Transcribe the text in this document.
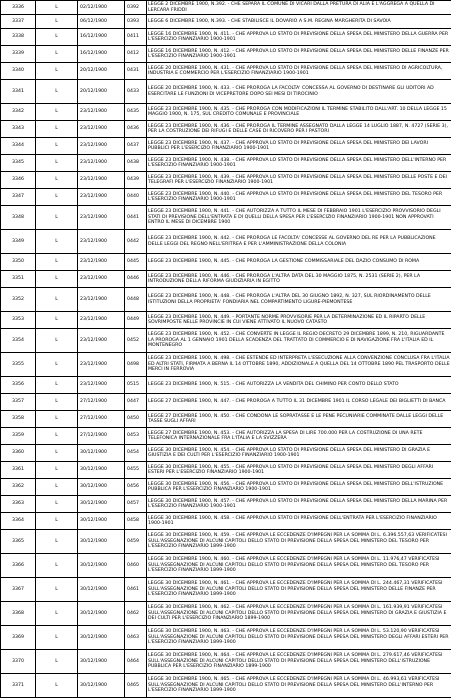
3336	L	02/12/1900	0392	LEGGE 2 DICEMBRE 1900, N.392. - CHE SEPARA IL COMUNE DI VICARI DALLA PRETURA DI ALIA E L'AGGREGA A QUELLA DI LERCARA FRIDDI
3337	L	06/12/1900	0393	LEGGE 6 DICEMBRE 1900, N.393. - CHE STABILISCE IL DOVARIO A S.M. REGINA MARGHERITA DI SAVOIA
3338	L	16/12/1900	0411	LEGGE 16 DICEMBRE 1900, N. 411. - CHE APPROVA LO STATO DI PREVISIONE DELLA SPESA DEL MINISTERO DELLA GUERRA PER L'ESERCIZIO FINANZIARIO 1900-1901
3339	L	16/12/1900	0412	LEGGE 16 DICEMBRE 1900, N. 412. - CHE APPROVA LO STATO DI PREVISIONE DELLA SPESA DEL MINISTERO DELLE FINANZE PER L'ESERCIZIO FINANZIARIO 1900-1901
3340	L	20/12/1900	0431	LEGGE 20 DICEMBRE 1900, N. 431. - CHE APPROVA LO STATO DI PREVISIONE DELLA SPESA DEL MINISTERO DI AGRICOLTURA, INDUSTRIA E COMMERCIO PER L'ESERCIZIO FINANZIARIO 1900-1901
3341	L	20/12/1900	0433	LEGGE 20 DICEMBRE 1900, N. 433. - CHE PROROGA LA FACOLTA' CONCESSA AL GOVERNO DI DESTINARE GLI UDITORI AD ESERCITARE LE FUNZIONI DI VICEPRETORE DOPO SEI MESI DI TIROCINIO
3342	L	23/12/1900	0435	LEGGE 23 DICEMBRE 1900, N. 435. - CHE PROROGA CON MODIFICAZIONI IL TERMINE STABILITO DALL'ART. 10 DELLA LEGGE 15 MAGGIO 1900, N. 175, SUL CREDITO COMUNALE E PROVINCIALE
3343	L	23/12/1900	0436	LEGGE 23 DICEMBRE 1900, N. 436. - CHE PROROGA IL TERMINE ASSEGNATO DALLA LEGGE 14 LUGLIO 1887, N. 4727 (SERIE 3), PER LA COSTRUZIONE DEI RIFUGI E DELLE CASE DI RICOVERO PER I PASTORI
3344	L	23/12/1900	0437	LEGGE 23 DICEMBRE 1900, N. 437. - CHE APPROVA LO STATO DI PREVISIONE DELLA SPESA DEL MINISTERO DEI LAVORI PUBBLICI PER L'ESERCIZIO FINANZIARIO 1900-1901
3345	L	23/12/1900	0438	LEGGE 23 DICEMBRE 1900, N. 438. - CHE APPROVA LO STATO DI PREVISIONE DELLA SPESA DEL MINISTERO DELL'INTERNO PER L'ESERCIZIO FINANZIARIO 1900-1901
3346	L	23/12/1900	0439	LEGGE 23 DICEMBRE 1900, N. 439. - CHE APPROVA LO STATO DI PREVISIONE DELLA SPESA DEL MINISTERO DELLE POSTE E DEI TELEGRAFI PER L'ESERCIZIO FINANZIARIO 1900-1901
3347	L	23/12/1900	0440	LEGGE 23 DICEMBRE 1900, N. 440. - CHE APPROVA LO STATO DI PREVISIONE DELLA SPESA DEL MINISTERO DEL TESORO PER L'ESERCIZIO FINANZIARIO 1900-1901
3348	L	23/12/1900	0441	LEGGE 23 DICEMBRE 1900, N. 441. - CHE AUTORIZZA A TUTTO IL MESE DI FEBBRAIO 1901 L'ESERCIZIO PROVVISORIO DEGLI STATI DI PREVISIONE DELL'ENTRATA E DI QUELLI DELLA SPESA PER L'ESERCIZIO FINANZIARIO 1900-1901 NON APPROVATI ENTRO IL MESE DI DICEMBRE 1900
3349	L	23/12/1900	0442	LEGGE 23 DICEMBRE 1900, N. 442. - CHE PROROGA LE FACOLTA' CONCESSE AL GOVERNO DEL RE PER LA PUBBLICAZIONE DELLE LEGGI DEL REGNO NELL'ERITREA E PER L'AMMINISTRAZIONE DELLA COLONIA
3350	L	23/12/1900	0445	LEGGE 23 DICEMBRE 1900, N. 445. - CHE PROROGA LA GESTIONE COMMISSARIALE DEL DAZIO CONSUMO DI ROMA
3351	L	23/12/1900	0446	LEGGE 23 DICEMBRE 1900, N. 446. - CHE PROROGA L'ALTRA DATA DEL 30 MAGGIO 1875, N. 2531 (SERIE 2), PER LA INTRODUZIONE DELLA RIFORMA GIUDIZIARIA IN EGITTO
3352	L	23/12/1900	0448	LEGGE 23 DICEMBRE 1900, N. 448. - CHE PROROGA L'ALTRA DEL 30 GIUGNO 1892, N. 327, SUL RIORDINAMENTO DELLE ISTITUZIONI DELLA PROPRIETA' FONDIARIA NEL COMPARTIMENTO LIGURE-PIEMONTESE
3353	L	23/12/1900	0449	LEGGE 23 DICEMBRE 1900, N. 449. - PORTANTE NORME PROVVISORIE PER LA DETERMINAZIONE ED IL RIPARTO DELLE SOVRIMPOSTE NELLE PROVINCIE IN CUI VIENE ATTIVATO IL NUOVO CATASTO
3354	L	23/12/1900	0452	LEGGE 23 DICEMBRE 1900, N. 452. - CHE CONVERTE IN LEGGE IL REGIO DECRETO 29 DICEMBRE 1899, N. 210, RIGUARDANTE LA PROROGA AL 1 GENNAIO 1901 DELLA SCADENZA DEL TRATTATO DI COMMERCIO E DI NAVIGAZIONE FRA L'ITALIA ED IL MONTENEGRO
3355	L	23/12/1900	0498	LEGGE 23 DICEMBRE 1900, N. 498. - CHE ESTENDE ED INTERPRETA L'ESECUZIONE ALLA CONVENZIONE CONCLUSA FRA L'ITALIA ED ALTRI STATI, FIRMATA A BERNA IL 14 OTTOBRE 1890, ADDIZIONALE A QUELLA DEL 14 OTTOBRE 1890 PEL TRASPORTO DELLE MERCI IN FERROVIA
3356	L	23/12/1900	0515	LEGGE 23 DICEMBRE 1900, N. 515. - CHE AUTORIZZA LA VENDITA DEL CHIMINO PER CONTO DELLO STATO
3357	L	27/12/1900	0447	LEGGE 27 DICEMBRE 1900, N. 447. - CHE PROROGA A TUTTO IL 31 DICEMBRE 1901 IL CORSO LEGALE DEI BIGLIETTI DI BANCA
3358	L	27/12/1900	0450	LEGGE 27 DICEMBRE 1900, N. 450. - CHE CONDONA LE SOPRATASSE E LE PENE PECUNIARIE COMMINATE DALLE LEGGI DELLE TASSE SUGLI AFFARI
3359	L	27/12/1900	0453	LEGGE 27 DICEMBRE 1900, N. 453. - CHE AUTORIZZA LA SPESA DI LIRE 700.000 PER LA COSTRUZIONE DI UNA RETE TELEFONICA INTERNAZIONALE FRA L'ITALIA E LA SVIZZERA
3360	L	30/12/1900	0454	LEGGE 30 DICEMBRE 1900, N. 454. - CHE APPROVA LO STATO DI PREVISIONE DELLA SPESA DEL MINISTERO DI GRAZIA E GIUSTIZIA E DEI CULTI PER L'ESERCIZIO FINANZIARIO 1900-1901
3361	L	30/12/1900	0455	LEGGE 30 DICEMBRE 1900, N. 455. - CHE APPROVA LO STATO DI PREVISIONE DELLA SPESA DEL MINISTERO DEGLI AFFARI ESTERI PER L'ESERCIZIO FINANZIARIO 1900-1901
3362	L	30/12/1900	0456	LEGGE 30 DICEMBRE 1900, N. 456. - CHE APPROVA LO STATO DI PREVISIONE DELLA SPESA DEL MINISTERO DELL'ISTRUZIONE PUBBLICA PER L'ESERCIZIO FINANZIARIO 1900-1901
3363	L	30/12/1900	0457	LEGGE 30 DICEMBRE 1900, N. 457. - CHE APPROVA LO STATO DI PREVISIONE DELLA SPESA DEL MINISTERO DELLA MARINA PER L'ESERCIZIO FINANZIARIO 1900-1901
3364	L	30/12/1900	0458	LEGGE 30 DICEMBRE 1900, N. 458. - CHE APPROVA LO STATO DI PREVISIONE DELL'ENTRATA PER L'ESERCIZIO FINANZIARIO 1900-1901
3365	L	30/12/1900	0459	LEGGE 30 DICEMBRE 1900, N. 459. - CHE APPROVA LE ECCEDENZE D'IMPEGNI PER LA SOMMA DI L. 6.396.557,63 VERIFICATESI SULL'ASSEGNAZIONE DI ALCUNI CAPITOLI DELLO STATO DI PREVISIONE DELLA SPESA DEL MINISTERO DEL TESORO PER L'ESERCIZIO FINANZIARIO 1899-1900
3366	L	30/12/1900	0460	LEGGE 30 DICEMBRE 1900, N. 460. - CHE APPROVA LE ECCEDENZE D'IMPEGNI PER LA SOMMA DI L. 11.976,47 VERIFICATESI SULL'ASSEGNAZIONE DI ALCUNI CAPITOLI DELLO STATO DI PREVISIONE DELLA SPESA DEL MINISTERO DEL TESORO PER L'ESERCIZIO FINANZIARIO 1899-1900
3367	L	30/12/1900	0461	LEGGE 30 DICEMBRE 1900, N. 461. - CHE APPROVA LE ECCEDENZE D'IMPEGNI PER LA SOMMA DI L. 244.467,31 VERIFICATESI SULL'ASSEGNAZIONE DI ALCUNI CAPITOLI DELLO STATO DI PREVISIONE DELLA SPESA DEL MINISTERO DELLE FINANZE PER L'ESERCIZIO FINANZIARIO 1899-1900
3368	L	30/12/1900	0462	LEGGE 30 DICEMBRE 1900, N. 462. - CHE APPROVA LE ECCEDENZE D'IMPEGNI PER LA SOMMA DI L. 161.939,91 VERIFICATESI SULL'ASSEGNAZIONE DI ALCUNI CAPITOLI DELLO STATO DI PREVISIONE DELLA SPESA DEL MINISTERO DI GRAZIA E GIUSTIZIA E DEI CULTI PER L'ESERCIZIO FINANZIARIO 1899-1900
3369	L	30/12/1900	0463	LEGGE 30 DICEMBRE 1900, N. 463. - CHE APPROVA LE ECCEDENZE D'IMPEGNI PER LA SOMMA DI L. 53.120,90 VERIFICATESI SULL'ASSEGNAZIONE DI ALCUNI CAPITOLI DELLO STATO DI PREVISIONE DELLA SPESA DEL MINISTERO DEGLI AFFARI ESTERI PER L'ESERCIZIO FINANZIARIO 1899-1900
3370	L	30/12/1900	0464	LEGGE 30 DICEMBRE 1900, N. 464. - CHE APPROVA LE ECCEDENZE D'IMPEGNI PER LA SOMMA DI L. 279.617,46 VERIFICATESI SULL'ASSEGNAZIONE DI ALCUNI CAPITOLI DELLO STATO DI PREVISIONE DELLA SPESA DEL MINISTERO DELL'ISTRUZIONE PUBBLICA PER L'ESERCIZIO FINANZIARIO 1899-1900
3371	L	30/12/1900	0465	LEGGE 30 DICEMBRE 1900, N. 465. - CHE APPROVA LE ECCEDENZE D'IMPEGNI PER LA SOMMA DI L. 46.993,61 VERIFICATESI SULL'ASSEGNAZIONE DI ALCUNI CAPITOLI DELLO STATO DI PREVISIONE DELLA SPESA DEL MINISTERO DELL'INTERNO PER L'ESERCIZIO FINANZIARIO 1899-1900
